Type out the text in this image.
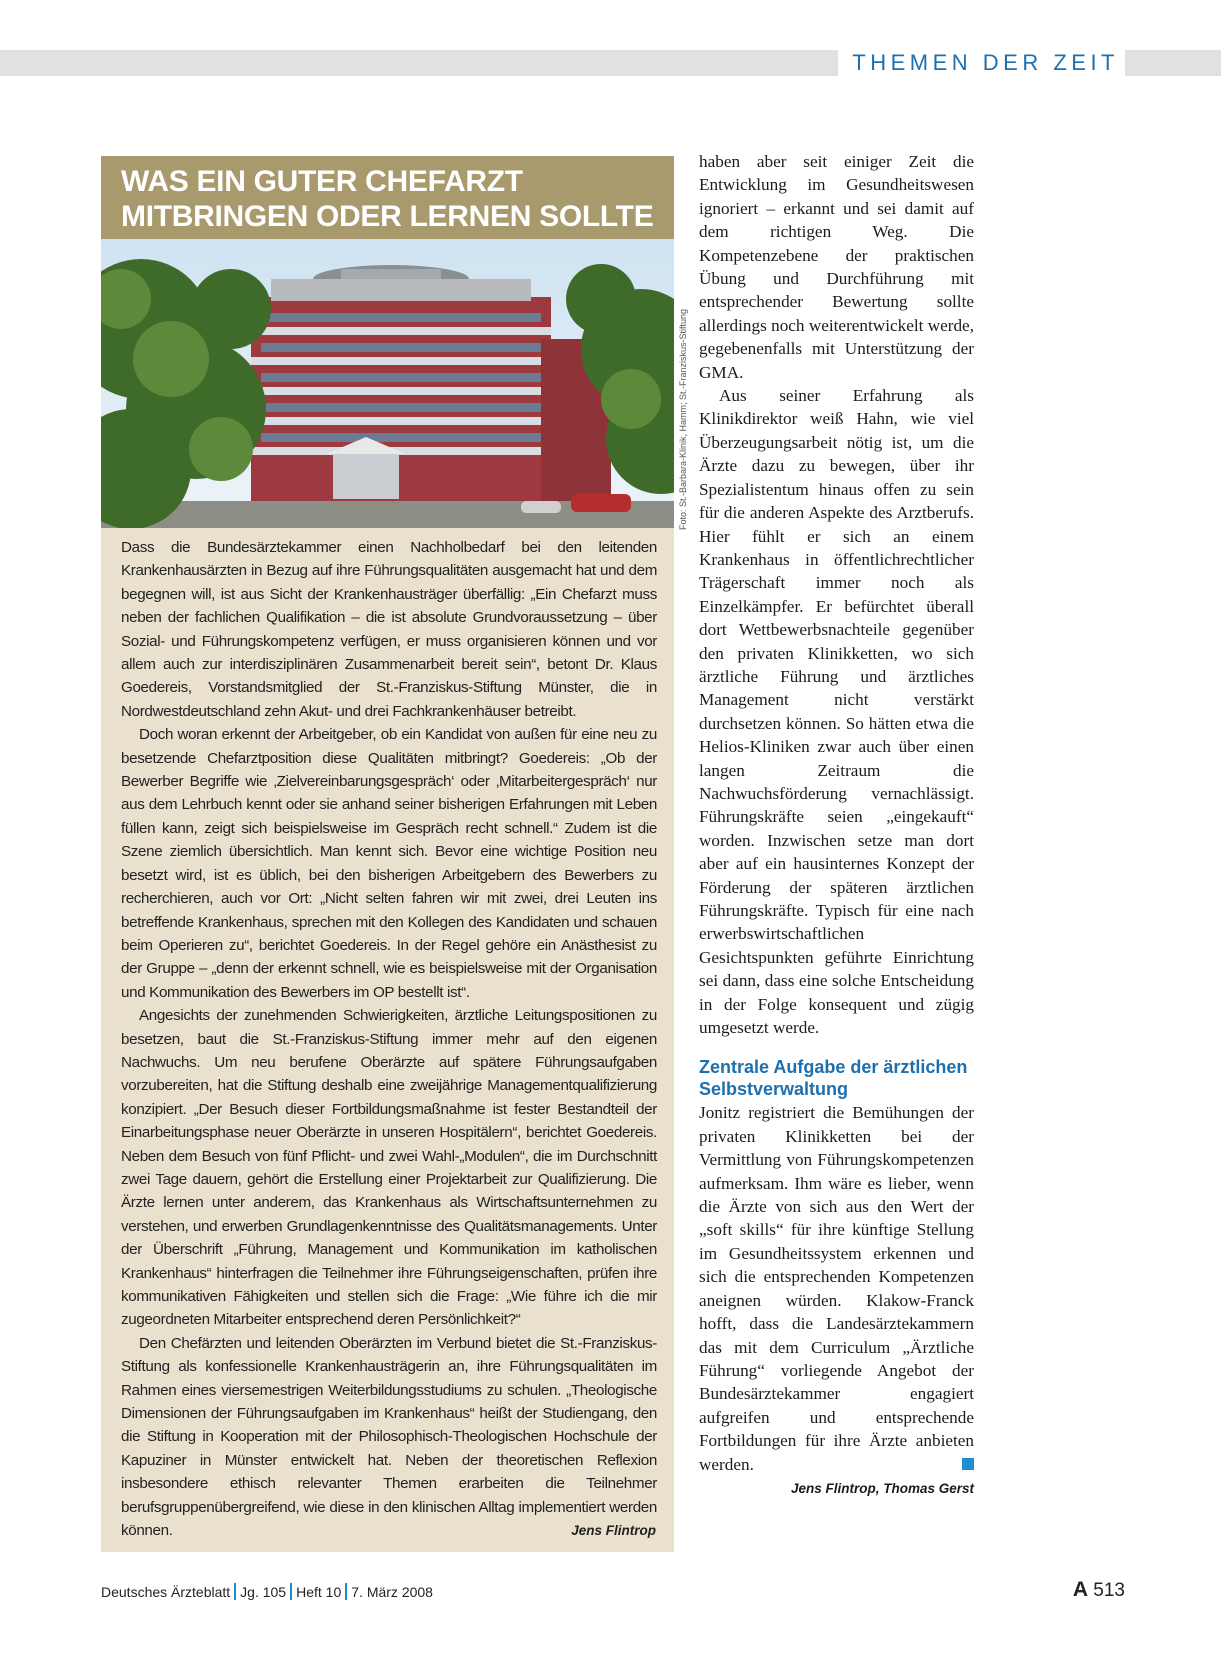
THEMEN DER ZEIT
WAS EIN GUTER CHEFARZT MITBRINGEN ODER LERNEN SOLLTE

Dass die Bundesärztekammer einen Nachholbedarf bei den leitenden Krankenhausärzten in Bezug auf ihre Führungsqualitäten ausgemacht hat und dem begegnen will, ist aus Sicht der Krankenhausträger überfällig: „Ein Chefarzt muss neben der fachlichen Qualifikation – die ist absolute Grundvoraussetzung – über Sozial- und Führungskompetenz verfügen, er muss organisieren können und vor allem auch zur interdisziplinären Zusammenarbeit bereit sein“, betont Dr. Klaus Goedereis, Vorstandsmitglied der St.-Franziskus-Stiftung Münster, die in Nordwestdeutschland zehn Akut- und drei Fachkrankenhäuser betreibt.

Doch woran erkennt der Arbeitgeber, ob ein Kandidat von außen für eine neu zu besetzende Chefarztposition diese Qualitäten mitbringt? Goedereis: „Ob der Bewerber Begriffe wie ‚Zielvereinbarungsgespräch‘ oder ‚Mitarbeitergespräch‘ nur aus dem Lehrbuch kennt oder sie anhand seiner bisherigen Erfahrungen mit Leben füllen kann, zeigt sich beispielsweise im Gespräch recht schnell.“ Zudem ist die Szene ziemlich übersichtlich. Man kennt sich. Bevor eine wichtige Position neu besetzt wird, ist es üblich, bei den bisherigen Arbeitgebern des Bewerbers zu recherchieren, auch vor Ort: „Nicht selten fahren wir mit zwei, drei Leuten ins betreffende Krankenhaus, sprechen mit den Kollegen des Kandidaten und schauen beim Operieren zu“, berichtet Goedereis. In der Regel gehöre ein Anästhesist zu der Gruppe – „denn der erkennt schnell, wie es beispielsweise mit der Organisation und Kommunikation des Bewerbers im OP bestellt ist“.

Angesichts der zunehmenden Schwierigkeiten, ärztliche Leitungspositionen zu besetzen, baut die St.-Franziskus-Stiftung immer mehr auf den eigenen Nachwuchs. Um neu berufene Oberärzte auf spätere Führungsaufgaben vorzubereiten, hat die Stiftung deshalb eine zweijährige Managementqualifizierung konzipiert. „Der Besuch dieser Fortbildungsmaßnahme ist fester Bestandteil der Einarbeitungsphase neuer Oberärzte in unseren Hospitälern“, berichtet Goedereis. Neben dem Besuch von fünf Pflicht- und zwei Wahl-„Modulen“, die im Durchschnitt zwei Tage dauern, gehört die Erstellung einer Projektarbeit zur Qualifizierung. Die Ärzte lernen unter anderem, das Krankenhaus als Wirtschaftsunternehmen zu verstehen, und erwerben Grundlagenkenntnisse des Qualitätsmanagements. Unter der Überschrift „Führung, Management und Kommunikation im katholischen Krankenhaus“ hinterfragen die Teilnehmer ihre Führungseigenschaften, prüfen ihre kommunikativen Fähigkeiten und stellen sich die Frage: „Wie führe ich die mir zugeordneten Mitarbeiter entsprechend deren Persönlichkeit?“

Den Chefärzten und leitenden Oberärzten im Verbund bietet die St.-Franziskus-Stiftung als konfessionelle Krankenhausträgerin an, ihre Führungsqualitäten im Rahmen eines viersemestrigen Weiterbildungsstudiums zu schulen. „Theologische Dimensionen der Führungsaufgaben im Krankenhaus“ heißt der Studiengang, den die Stiftung in Kooperation mit der Philosophisch-Theologischen Hochschule der Kapuziner in Münster entwickelt hat. Neben der theoretischen Reflexion insbesondere ethisch relevanter Themen erarbeiten die Teilnehmer berufsgruppenübergreifend, wie diese in den klinischen Alltag implementiert werden können.	Jens Flintrop
Foto: St.-Barbara-Klinik, Hamm; St.-Franziskus-Stiftung

haben aber seit einiger Zeit die Entwicklung im Gesundheitswesen ignoriert – erkannt und sei damit auf dem richtigen Weg. Die Kompetenzebene der praktischen Übung und Durchführung mit entsprechender Bewertung sollte allerdings noch weiterentwickelt werde, gegebenenfalls mit Unterstützung der GMA.

Aus seiner Erfahrung als Klinikdirektor weiß Hahn, wie viel Überzeugungsarbeit nötig ist, um die Ärzte dazu zu bewegen, über ihr Spezialistentum hinaus offen zu sein für die anderen Aspekte des Arztberufs. Hier fühlt er sich an einem Krankenhaus in öffentlichrechtlicher Trägerschaft immer noch als Einzelkämpfer. Er befürchtet überall dort Wettbewerbsnachteile gegenüber den privaten Klinikketten, wo sich ärztliche Führung und ärztliches Management nicht verstärkt durchsetzen können. So hätten etwa die Helios-Kliniken zwar auch über einen langen Zeitraum die Nachwuchsförderung vernachlässigt. Führungskräfte seien „eingekauft“ worden. Inzwischen setze man dort aber auf ein hausinternes Konzept der Förderung der späteren ärztlichen Führungskräfte. Typisch für eine nach erwerbswirtschaftlichen Gesichtspunkten geführte Einrichtung sei dann, dass eine solche Entscheidung in der Folge konsequent und zügig umgesetzt werde.

Zentrale Aufgabe der ärztlichen Selbstverwaltung

Jonitz registriert die Bemühungen der privaten Klinikketten bei der Vermittlung von Führungskompetenzen aufmerksam. Ihm wäre es lieber, wenn die Ärzte von sich aus den Wert der „soft skills“ für ihre künftige Stellung im Gesundheitssystem erkennen und sich die entsprechenden Kompetenzen aneignen würden. Klakow-Franck hofft, dass die Landesärztekammern das mit dem Curriculum „Ärztliche Führung“ vorliegende Angebot der Bundesärztekammer engagiert aufgreifen und entsprechende Fortbildungen für ihre Ärzte anbieten werden.

Jens Flintrop, Thomas Gerst
Deutsches Ärzteblatt Jg. 105 Heft 10 7. März 2008	A 513
